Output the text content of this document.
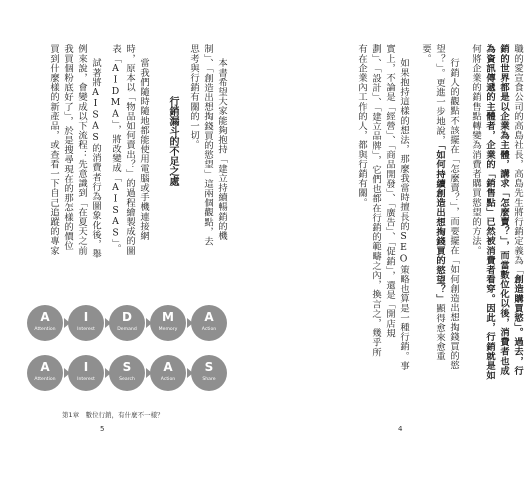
職的愛宣食公司的高島社長，高島先生將行銷定義為「創造購買慾」。過去，行
銷的世界都是以企業為主體，講求「怎麼賣？」，而當數位化以後，消費者也成
為資訊傳遞的主體者，企業的「銷售點」已然被消費者看穿。因此，行銷就是如
何將企業的銷售點轉變為消費者購買慾望的方法。
行銷人的觀點不該擺在「怎麼賣？」，而要擺在「如何創造出想掏錢買的慾
望？」。更進一步地說，「如何持續創造出想掏錢買的慾望？」顯得愈來愈重
要。
如果抱持這樣的想法，那麼我當時擅長的SEO策略也算是一種行銷。事
實上，不論是「經營」、「商品開發」、「廣告」、「促銷」，還是「開店規
劃」、「設計」、「建立品牌」，它們也都在行銷的範疇之內，換言之，幾乎所
有在企業內工作的人，都與行銷有關。
本書希望大家能夠抱持「建立持續暢銷的機
制」、「創造出想掏錢買的慾望」這兩個觀點，去
思考與行銷有關的一切。
行銷漏斗的不足之處
當我們隨時隨地都能使用電腦或手機連接網
時，原本以「物品如何賣出？」的過程繪製成的圖
表「AIDMA」，將改變成「AISAS」。
試著將AISAS的消費者行為圖象化後，舉
例來說，會變成以下流程：先意識到「在夏天之前
我買個粉底好了」，於是搜尋現在的那怎樣的價位
買到什麼樣的新產品，或查看一下自己追蹤的專家
A
Attention
I
Interest
D
Demand
M
Memory
A
Action
A
Attention
I
Interest
S
Search
A
Action
S
Share
第1章　數位行銷，有什麼不一樣？
5	4
